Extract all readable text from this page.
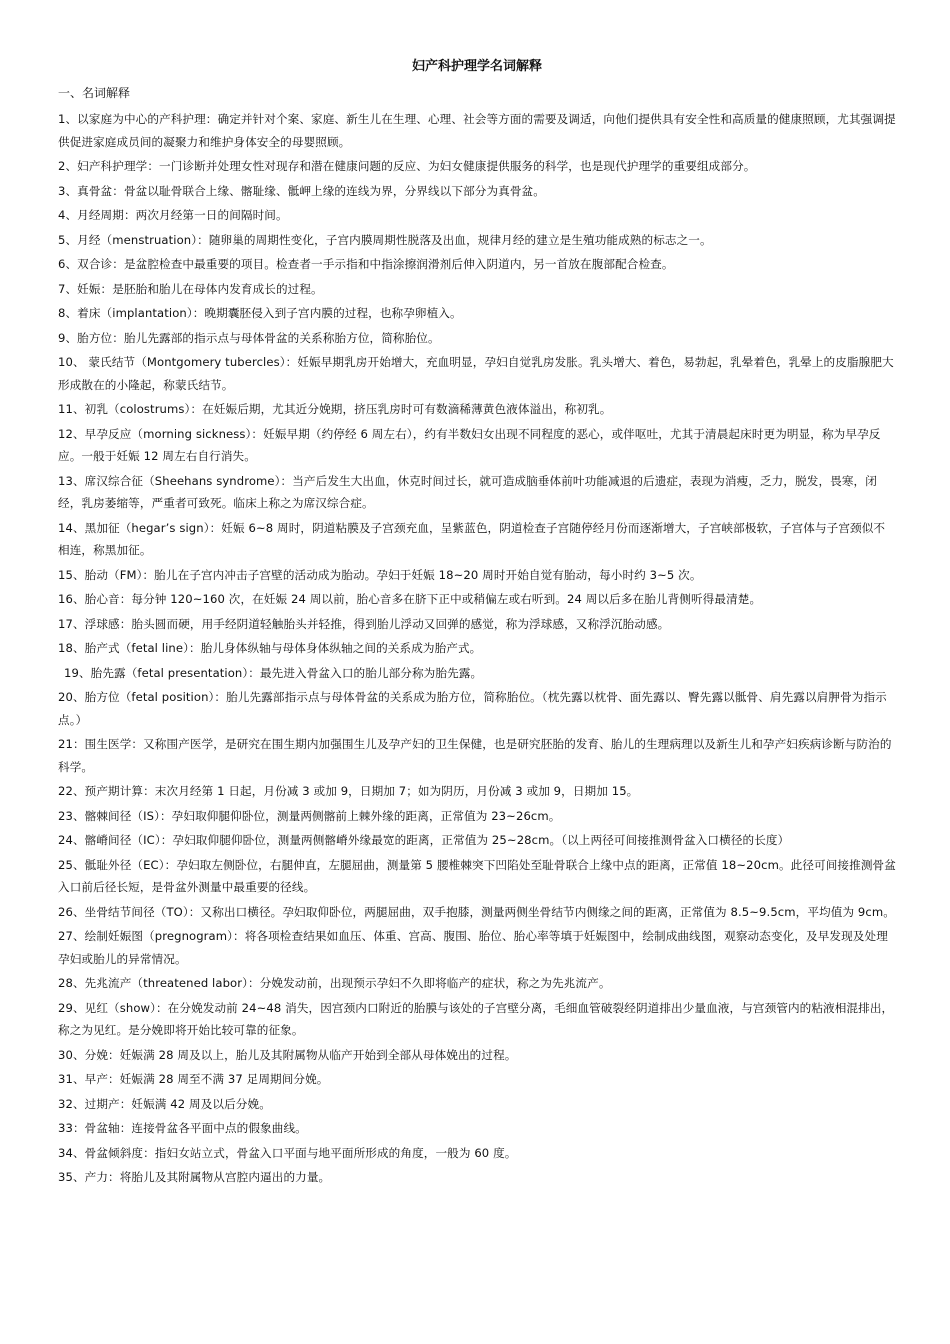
妇产科护理学名词解释
一、名词解释
1、以家庭为中心的产科护理：确定并针对个案、家庭、新生儿在生理、心理、社会等方面的需要及调适，向他们提供具有安全性和高质量的健康照顾，尤其强调提供促进家庭成员间的凝聚力和维护身体安全的母婴照顾。
2、妇产科护理学：一门诊断并处理女性对现存和潜在健康问题的反应、为妇女健康提供服务的科学，也是现代护理学的重要组成部分。
3、真骨盆：骨盆以耻骨联合上缘、髂耻缘、骶岬上缘的连线为界，分界线以下部分为真骨盆。
4、月经周期：两次月经第一日的间隔时间。
5、月经（menstruation）：随卵巢的周期性变化，子宫内膜周期性脱落及出血，规律月经的建立是生殖功能成熟的标志之一。
6、双合诊：是盆腔检查中最重要的项目。检查者一手示指和中指涂擦润滑剂后伸入阴道内，另一首放在腹部配合检查。
7、妊娠：是胚胎和胎儿在母体内发育成长的过程。
8、着床（implantation）：晚期囊胚侵入到子宫内膜的过程，也称孕卵植入。
9、胎方位：胎儿先露部的指示点与母体骨盆的关系称胎方位，简称胎位。
10、 蒙氏结节（Montgomery tubercles）：妊娠早期乳房开始增大，充血明显，孕妇自觉乳房发胀。乳头增大、着色，易勃起，乳晕着色，乳晕上的皮脂腺肥大形成散在的小隆起，称蒙氏结节。
11、初乳（colostrums）：在妊娠后期，尤其近分娩期，挤压乳房时可有数滴稀薄黄色液体溢出，称初乳。
12、早孕反应（morning sickness）：妊娠早期（约停经 6 周左右），约有半数妇女出现不同程度的恶心，或伴呕吐，尤其于清晨起床时更为明显，称为早孕反应。一般于妊娠 12 周左右自行消失。
13、席汉综合征（Sheehans syndrome）：当产后发生大出血，休克时间过长，就可造成脑垂体前叶功能减退的后遗症，表现为消瘦，乏力，脱发，畏寒，闭经，乳房萎缩等，严重者可致死。临床上称之为席汉综合症。
14、黑加征（hegar’s sign）：妊娠 6~8 周时，阴道粘膜及子宫颈充血，呈紫蓝色，阴道检查子宫随停经月份而逐渐增大，子宫峡部极软，子宫体与子宫颈似不相连，称黑加征。
15、胎动（FM）：胎儿在子宫内冲击子宫壁的活动成为胎动。孕妇于妊娠 18~20 周时开始自觉有胎动，每小时约 3~5 次。
16、胎心音：每分钟 120~160 次，在妊娠 24 周以前，胎心音多在脐下正中或稍偏左或右听到。24 周以后多在胎儿背侧听得最清楚。
17、浮球感：胎头圆而硬，用手经阴道轻触胎头并轻推，得到胎儿浮动又回弹的感觉，称为浮球感，又称浮沉胎动感。
18、胎产式（fetal line）：胎儿身体纵轴与母体身体纵轴之间的关系成为胎产式。
19、胎先露（fetal presentation）：最先进入骨盆入口的胎儿部分称为胎先露。
20、胎方位（fetal position）：胎儿先露部指示点与母体骨盆的关系成为胎方位，简称胎位。（枕先露以枕骨、面先露以、臀先露以骶骨、肩先露以肩胛骨为指示点。）
21：围生医学：又称围产医学，是研究在围生期内加强围生儿及孕产妇的卫生保健，也是研究胚胎的发育、胎儿的生理病理以及新生儿和孕产妇疾病诊断与防治的科学。
22、预产期计算：末次月经第 1 日起，月份减 3 或加 9，日期加 7；如为阴历，月份减 3 或加 9，日期加 15。
23、髂棘间径（IS）：孕妇取仰腿仰卧位，测量两侧髂前上棘外缘的距离，正常值为 23~26cm。
24、髂嵴间径（IC）：孕妇取仰腿仰卧位，测量两侧髂嵴外缘最宽的距离，正常值为 25~28cm。（以上两径可间接推测骨盆入口横径的长度）
25、骶耻外径（EC）：孕妇取左侧卧位，右腿伸直，左腿屈曲，测量第 5 腰椎棘突下凹陷处至耻骨联合上缘中点的距离，正常值 18~20cm。此径可间接推测骨盆入口前后径长短，是骨盆外测量中最重要的径线。
26、坐骨结节间径（TO）：又称出口横径。孕妇取仰卧位，两腿屈曲，双手抱膝，测量两侧坐骨结节内侧缘之间的距离，正常值为 8.5~9.5cm，平均值为 9cm。
27、绘制妊娠图（pregnogram）：将各项检查结果如血压、体重、宫高、腹围、胎位、胎心率等填于妊娠图中，绘制成曲线图，观察动态变化，及早发现及处理孕妇或胎儿的异常情况。
28、先兆流产（threatened labor）：分娩发动前，出现预示孕妇不久即将临产的症状，称之为先兆流产。
29、见红（show）：在分娩发动前 24~48 消失，因宫颈内口附近的胎膜与该处的子宫壁分离，毛细血管破裂经阴道排出少量血液，与宫颈管内的粘液相混排出，称之为见红。是分娩即将开始比较可靠的征象。
30、分娩：妊娠满 28 周及以上，胎儿及其附属物从临产开始到全部从母体娩出的过程。
31、早产：妊娠满 28 周至不满 37 足周期间分娩。
32、过期产：妊娠满 42 周及以后分娩。
33：骨盆轴：连接骨盆各平面中点的假象曲线。
34、骨盆倾斜度：指妇女站立式，骨盆入口平面与地平面所形成的角度，一般为 60 度。
35、产力：将胎儿及其附属物从宫腔内逼出的力量。
